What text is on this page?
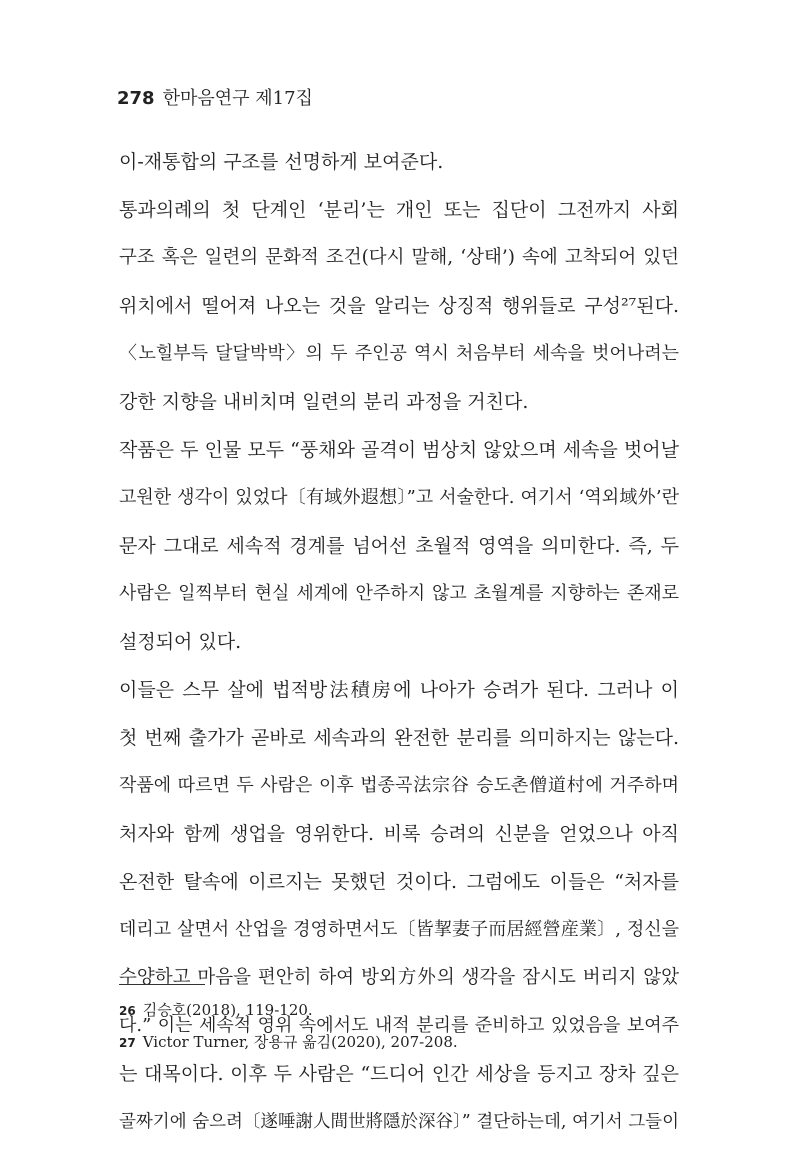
278 한마음연구 제17집
이-재통합의 구조를 선명하게 보여준다.
통과의례의 첫 단계인 ‘분리’는 개인 또는 집단이 그전까지 사회
구조 혹은 일련의 문화적 조건(다시 말해, ‘상태’) 속에 고착되어 있던
위치에서 떨어져 나오는 것을 알리는 상징적 행위들로 구성²⁷된다.
〈노힐부득 달달박박〉의 두 주인공 역시 처음부터 세속을 벗어나려는
강한 지향을 내비치며 일련의 분리 과정을 거친다.
작품은 두 인물 모두 “풍채와 골격이 범상치 않았으며 세속을 벗어날
고원한 생각이 있었다〔有域外遐想〕”고 서술한다. 여기서 ‘역외域外’란
문자 그대로 세속적 경계를 넘어선 초월적 영역을 의미한다. 즉, 두
사람은 일찍부터 현실 세계에 안주하지 않고 초월계를 지향하는 존재로
설정되어 있다.
이들은 스무 살에 법적방法積房에 나아가 승려가 된다. 그러나 이
첫 번째 출가가 곧바로 세속과의 완전한 분리를 의미하지는 않는다.
작품에 따르면 두 사람은 이후 법종곡法宗谷 승도촌僧道村에 거주하며
처자와 함께 생업을 영위한다. 비록 승려의 신분을 얻었으나 아직
온전한 탈속에 이르지는 못했던 것이다. 그럼에도 이들은 “처자를
데리고 살면서 산업을 경영하면서도〔皆挈妻子而居經營産業〕, 정신을
수양하고 마음을 편안히 하여 방외方外의 생각을 잠시도 버리지 않았
다.” 이는 세속적 영위 속에서도 내적 분리를 준비하고 있었음을 보여주
는 대목이다. 이후 두 사람은 “드디어 인간 세상을 등지고 장차 깊은
골짜기에 숨으려〔遂唾謝人間世將隱於深谷〕” 결단하는데, 여기서 그들이
26 김승호(2018), 119-120.
27 Victor Turner, 장용규 옮김(2020), 207-208.
